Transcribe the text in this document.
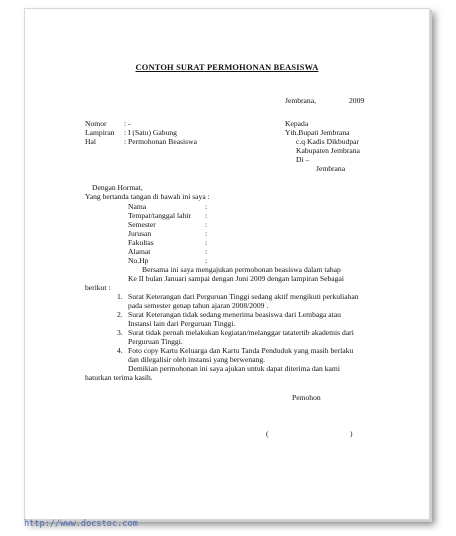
CONTOH SURAT PERMOHONAN BEASISWA
Jembrana,	2009
Nomor : -
Lampiran : I (Satu) Gabung
Hal	: Permohonan Beasiswa
Kepada
Yth.Bupati Jembrana
c.q Kadis Dikbudpar
Kabupaten Jembrana
Di –
Jembrana
Dengan Hormat,
Yang bertanda tangan di bawah ini saya :
Nama	:
Tempat/tanggal lahir :
Semester	:
Jurusan	:
Fakultas	:
Alamat	:
No.Hp	:
Bersama ini saya mengajukan permohonan beasiswa dalam tahap
Ke II bulan Januari sampai dengan Juni 2009 dengan lampiran Sebagai
berikut :
1. Surat Keterangan dari Perguruan Tinggi sedang aktif mengikuti perkuliahan
pada semester genap tahun ajaran 2008/2009 .
2. Surat Keterangan tidak sedang menerima beasiswa dari Lembaga atau
Instansi lain dari Perguruan Tinggi.
3. Surat tidak pernah melakukan kegiatan/melanggar tatatertib akademis dari
Perguruan Tinggi.
4. Foto copy Kartu Keluarga dan Kartu Tanda Penduduk yang masih berlaku
dan dilegalisir oleh instansi yang berwenang.
Demikian permohonan ini saya ajukan untuk dapat diterima dan kami
haturkan terima kasih.
Pemohon
(	)
http://www.docstoc.com
